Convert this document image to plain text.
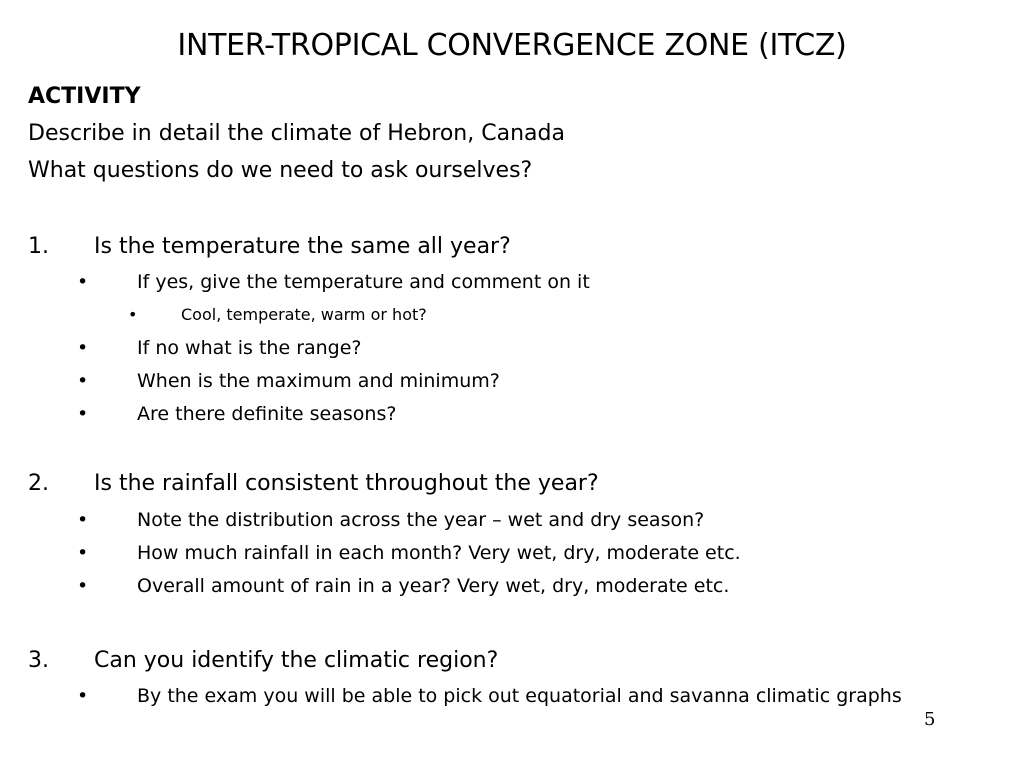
INTER-TROPICAL CONVERGENCE ZONE (ITCZ)
ACTIVITY
Describe in detail the climate of Hebron, Canada
What questions do we need to ask ourselves?
1. Is the temperature the same all year?
•	If yes, give the temperature and comment on it
•	Cool, temperate, warm or hot?
•	If no what is the range?
•	When is the maximum and minimum?
•	Are there definite seasons?
2. Is the rainfall consistent throughout the year?
•	Note the distribution across the year – wet and dry season?
•	How much rainfall in each month? Very wet, dry, moderate etc.
•	Overall amount of rain in a year? Very wet, dry, moderate etc.
3. Can you identify the climatic region?
•	By the exam you will be able to pick out equatorial and savanna climatic graphs
5
